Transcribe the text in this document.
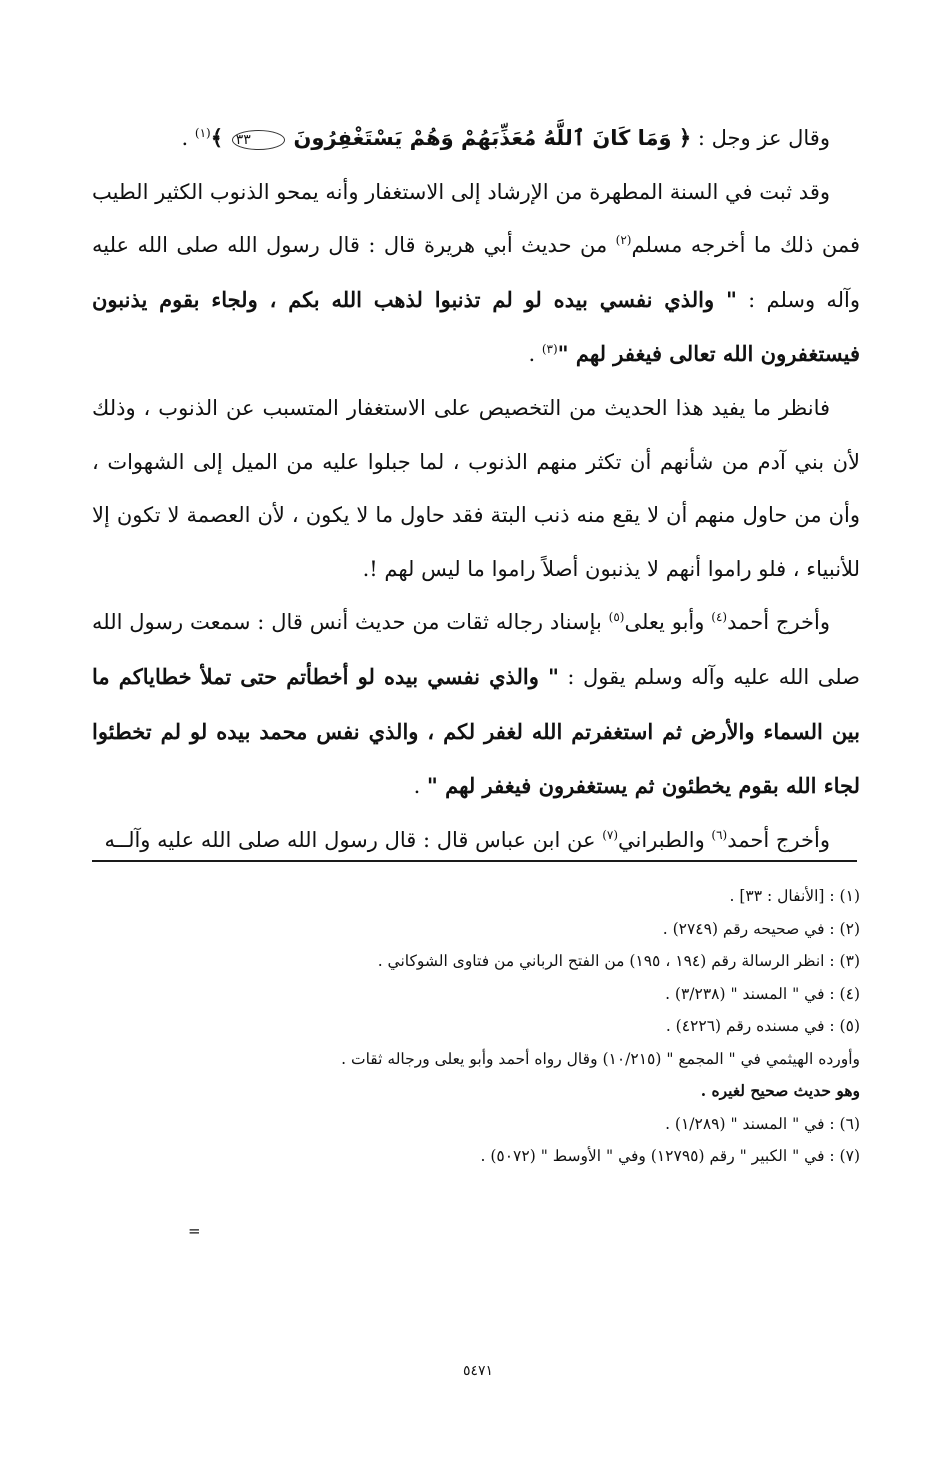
وقال عز وجل : ﴿ وَمَا كَانَ ٱللَّهُ مُعَذِّبَهُمْ وَهُمْ يَسْتَغْفِرُونَ ٣٣ ﴾$^{(١)}$ .

وقد ثبت في السنة المطهرة من الإرشاد إلى الاستغفار وأنه يمحو الذنوب الكثير الطيب فمن ذلك ما أخرجه مسلم$^{(٢)}$ من حديث أبي هريرة قال : قال رسول الله صلى الله عليه وآله وسلم : " والذي نفسي بيده لو لم تذنبوا لذهب الله بكم ، ولجاء بقوم يذنبون فيستغفرون الله تعالى فيغفر لهم "$^{(٣)}$ .

فانظر ما يفيد هذا الحديث من التخصيص على الاستغفار المتسبب عن الذنوب ، وذلك لأن بني آدم من شأنهم أن تكثر منهم الذنوب ، لما جبلوا عليه من الميل إلى الشهوات ، وأن من حاول منهم أن لا يقع منه ذنب البتة فقد حاول ما لا يكون ، لأن العصمة لا تكون إلا للأنبياء ، فلو راموا أنهم لا يذنبون أصلاً راموا ما ليس لهم !.

وأخرج أحمد$^{(٤)}$ وأبو يعلى$^{(٥)}$ بإسناد رجاله ثقات من حديث أنس قال : سمعت رسول الله صلى الله عليه وآله وسلم يقول : " والذي نفسي بيده لو أخطأتم حتى تملأ خطاياكم ما بين السماء والأرض ثم استغفرتم الله لغفر لكم ، والذي نفس محمد بيده لو لم تخطئوا لجاء الله بقوم يخطئون ثم يستغفرون فيغفر لهم " .

وأخرج أحمد$^{(٦)}$ والطبراني$^{(٧)}$ عن ابن عباس قال : قال رسول الله صلى الله عليه وآلــه

(١) : [الأنفال : ٣٣] .

(٢) : في صحيحه رقم (٢٧٤٩) .

(٣) : انظر الرسالة رقم (١٩٤ ، ١٩٥) من الفتح الرباني من فتاوى الشوكاني .

(٤) : في " المسند " (٣/٢٣٨) .

(٥) : في مسنده رقم (٤٢٢٦) .

وأورده الهيثمي في " المجمع " (١٠/٢١٥) وقال رواه أحمد وأبو يعلى ورجاله ثقات .

وهو حديث صحيح لغيره .

(٦) : في " المسند " (١/٢٨٩) .

(٧) : في " الكبير " رقم (١٢٧٩٥) وفي " الأوسط " (٥٠٧٢) .

=
٥٤٧١
